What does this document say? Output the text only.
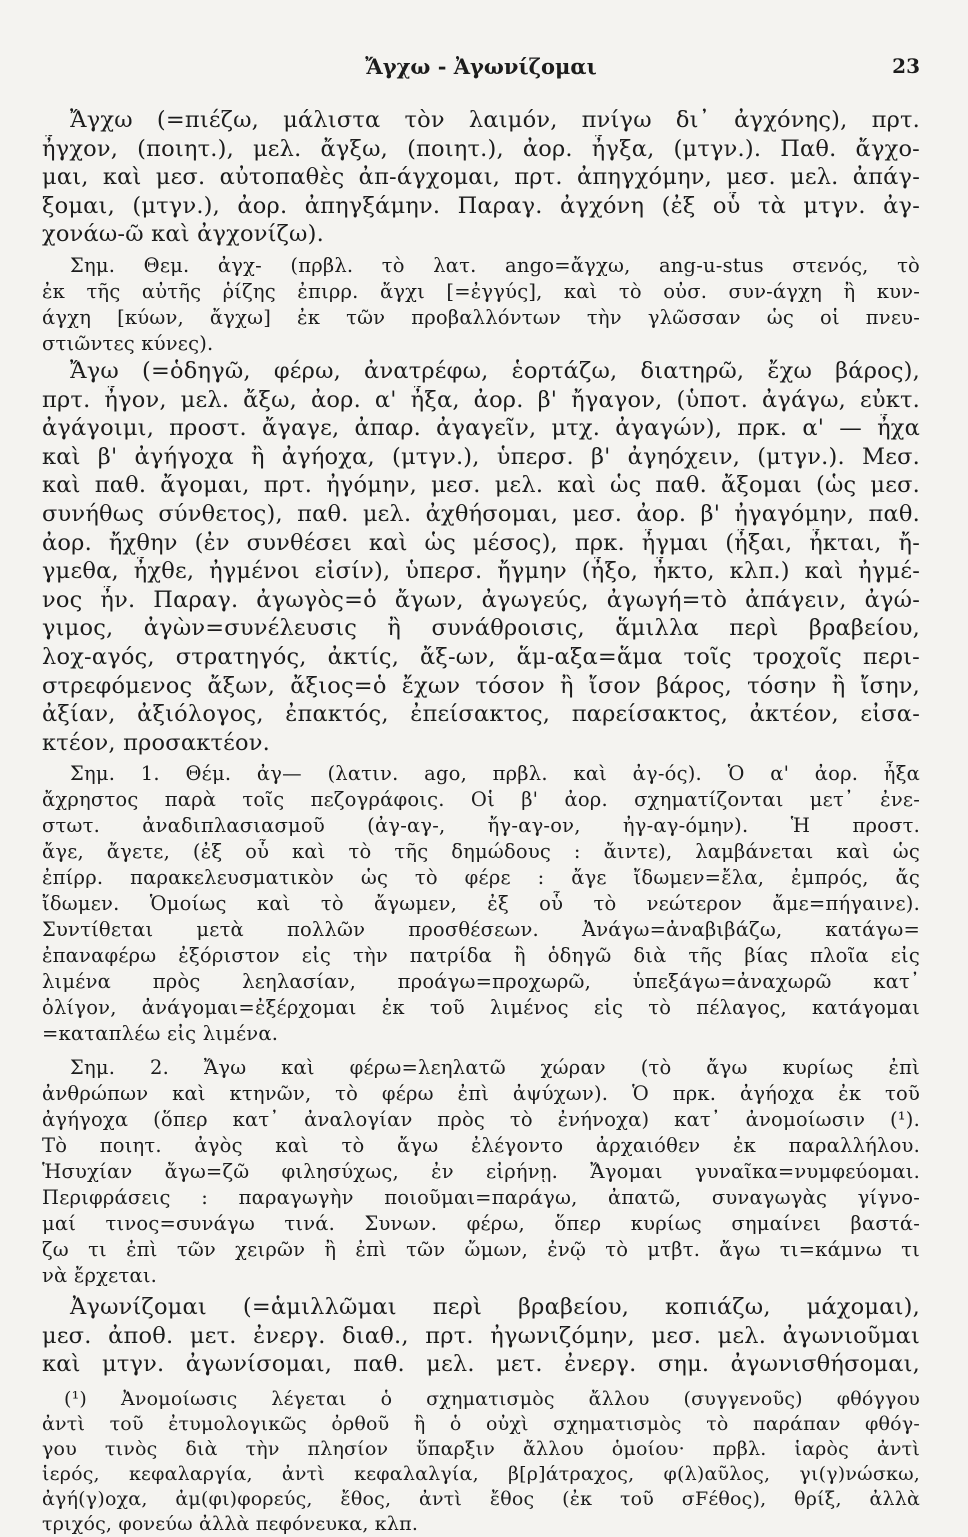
Ἄγχω - Ἀγωνίζομαι	23
Ἄγχω (=πιέζω, μάλιστα τὸν λαιμόν, πνίγω δι᾽ ἀγχόνης), πρτ.
ἦγχον, (ποιητ.), μελ. ἄγξω, (ποιητ.), ἀορ. ἦγξα, (μτγν.). Παθ. ἄγχο-
μαι, καὶ μεσ. αὐτοπαθὲς ἀπ-άγχομαι, πρτ. ἀπηγχόμην, μεσ. μελ. ἀπάγ-
ξομαι, (μτγν.), ἀορ. ἀπηγξάμην. Παραγ. ἀγχόνη (ἐξ οὗ τὰ μτγν. ἀγ-
χονάω-ῶ καὶ ἀγχονίζω).
Σημ. Θεμ. ἀγχ- (πρβλ. τὸ λατ. ango=ἄγχω, ang-u-stus στενός, τὸ
ἐκ τῆς αὐτῆς ῥίζης ἐπιρρ. ἄγχι [=ἐγγύς], καὶ τὸ οὐσ. συν-άγχη ἢ κυν-
άγχη [κύων, ἄγχω] ἐκ τῶν προβαλλόντων τὴν γλῶσσαν ὡς οἱ πνευ-
στιῶντες κύνες).
Ἄγω (=ὁδηγῶ, φέρω, ἀνατρέφω, ἑορτάζω, διατηρῶ, ἔχω βάρος),
πρτ. ἦγον, μελ. ἄξω, ἀορ. α' ἦξα, ἀορ. β' ἤγαγον, (ὑποτ. ἀγάγω, εὐκτ.
ἀγάγοιμι, προστ. ἄγαγε, ἀπαρ. ἀγαγεῖν, μτχ. ἀγαγών), πρκ. α' — ἦχα
καὶ β' ἀγήγοχα ἢ ἀγήοχα, (μτγν.), ὑπερσ. β' ἀγηόχειν, (μτγν.). Μεσ.
καὶ παθ. ἄγομαι, πρτ. ἠγόμην, μεσ. μελ. καὶ ὡς παθ. ἄξομαι (ὡς μεσ.
συνήθως σύνθετος), παθ. μελ. ἀχθήσομαι, μεσ. ἀορ. β' ἠγαγόμην, παθ.
ἀορ. ἤχθην (ἐν συνθέσει καὶ ὡς μέσος), πρκ. ἦγμαι (ἦξαι, ἦκται, ἤ-
γμεθα, ἦχθε, ἠγμένοι εἰσίν), ὑπερσ. ἤγμην (ἦξο, ἦκτο, κλπ.) καὶ ἠγμέ-
νος ἦν. Παραγ. ἀγωγὸς=ὁ ἄγων, ἀγωγεύς, ἀγωγή=τὸ ἀπάγειν, ἀγώ-
γιμος, ἀγὼν=συνέλευσις ἢ συνάθροισις, ἅμιλλα περὶ βραβείου,
λοχ-αγός, στρατηγός, ἀκτίς, ἄξ-ων, ἅμ-αξα=ἅμα τοῖς τροχοῖς περι-
στρεφόμενος ἄξων, ἄξιος=ὁ ἔχων τόσον ἢ ἴσον βάρος, τόσην ἢ ἴσην,
ἀξίαν, ἀξιόλογος, ἐπακτός, ἐπείσακτος, παρείσακτος, ἀκτέον, εἰσα-
κτέον, προσακτέον.
Σημ. 1. Θέμ. ἀγ— (λατιν. ago, πρβλ. καὶ ἀγ-ός). Ὁ α' ἀορ. ἦξα
ἄχρηστος παρὰ τοῖς πεζογράφοις. Οἱ β' ἀορ. σχηματίζονται μετ᾽ ἐνε-
στωτ. ἀναδιπλασιασμοῦ (ἀγ-αγ-, ἤγ-αγ-ον, ἠγ-αγ-όμην). Ἡ προστ.
ἄγε, ἄγετε, (ἐξ οὗ καὶ τὸ τῆς δημώδους : ἄιντε), λαμβάνεται καὶ ὡς
ἐπίρρ. παρακελευσματικὸν ὡς τὸ φέρε : ἄγε ἴδωμεν=ἔλα, ἐμπρός, ἄς
ἴδωμεν. Ὁμοίως καὶ τὸ ἄγωμεν, ἐξ οὗ τὸ νεώτερον ἄμε=πήγαινε).
Συντίθεται μετὰ πολλῶν προσθέσεων. Ἀνάγω=ἀναβιβάζω, κατάγω=
ἐπαναφέρω ἐξόριστον εἰς τὴν πατρίδα ἢ ὁδηγῶ διὰ τῆς βίας πλοῖα εἰς
λιμένα πρὸς λεηλασίαν, προάγω=προχωρῶ, ὑπεξάγω=ἀναχωρῶ κατ᾽
ὀλίγον, ἀνάγομαι=ἐξέρχομαι ἐκ τοῦ λιμένος εἰς τὸ πέλαγος, κατάγομαι
=καταπλέω εἰς λιμένα.
Σημ. 2. Ἄγω καὶ φέρω=λεηλατῶ χώραν (τὸ ἄγω κυρίως ἐπὶ
ἀνθρώπων καὶ κτηνῶν, τὸ φέρω ἐπὶ ἀψύχων). Ὁ πρκ. ἀγήοχα ἐκ τοῦ
ἀγήγοχα (ὅπερ κατ᾽ ἀναλογίαν πρὸς τὸ ἐνήνοχα) κατ᾽ ἀνομοίωσιν (¹).
Τὸ ποιητ. ἀγὸς καὶ τὸ ἄγω ἐλέγοντο ἀρχαιόθεν ἐκ παραλλήλου.
Ἡσυχίαν ἄγω=ζῶ φιλησύχως, ἐν εἰρήνῃ. Ἄγομαι γυναῖκα=νυμφεύομαι.
Περιφράσεις : παραγωγὴν ποιοῦμαι=παράγω, ἀπατῶ, συναγωγὰς γίγνο-
μαί τινος=συνάγω τινά. Συνων. φέρω, ὅπερ κυρίως σημαίνει βαστά-
ζω τι ἐπὶ τῶν χειρῶν ἢ ἐπὶ τῶν ὤμων, ἐνῷ τὸ μτβτ. ἄγω τι=κάμνω τι
νὰ ἔρχεται.
Ἀγωνίζομαι (=ἁμιλλῶμαι περὶ βραβείου, κοπιάζω, μάχομαι),
μεσ. ἀποθ. μετ. ἐνεργ. διαθ., πρτ. ἠγωνιζόμην, μεσ. μελ. ἀγωνιοῦμαι
καὶ μτγν. ἀγωνίσομαι, παθ. μελ. μετ. ἐνεργ. σημ. ἀγωνισθήσομαι,
(¹) Ἀνομοίωσις λέγεται ὁ σχηματισμὸς ἄλλου (συγγενοῦς) φθόγγου
ἀντὶ τοῦ ἐτυμολογικῶς ὀρθοῦ ἢ ὁ οὐχὶ σχηματισμὸς τὸ παράπαν φθόγ-
γου τινὸς διὰ τὴν πλησίον ὕπαρξιν ἄλλου ὁμοίου· πρβλ. ἱαρὸς ἀντὶ
ἱερός, κεφαλαργία, ἀντὶ κεφαλαλγία, β[ρ]άτραχος, φ(λ)αῦλος, γι(γ)νώσκω,
ἀγή(γ)οχα, ἀμ(φι)φορεύς, ἔθος, ἀντὶ ἔθος (ἐκ τοῦ σFέθος), θρίξ, ἀλλὰ
τριχός, φονεύω ἀλλὰ πεφόνευκα, κλπ.
